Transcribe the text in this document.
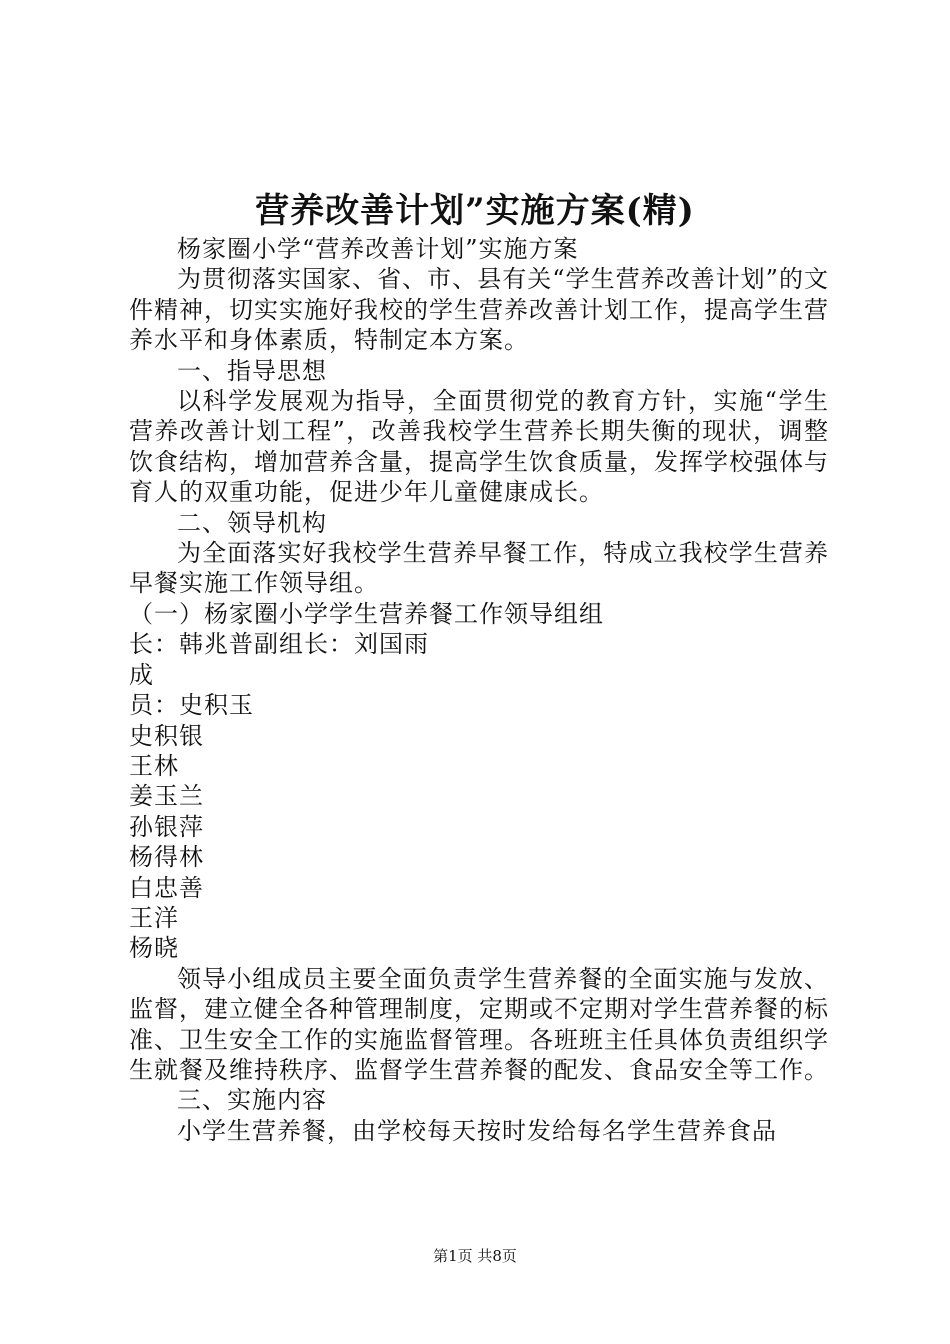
营养改善计划”实施方案(精)

杨家圈小学“营养改善计划”实施方案

为贯彻落实国家、省、市、县有关“学生营养改善计划”的文件精神，切实实施好我校的学生营养改善计划工作，提高学生营养水平和身体素质，特制定本方案。

一、指导思想

以科学发展观为指导，全面贯彻党的教育方针，实施“学生营养改善计划工程”，改善我校学生营养长期失衡的现状，调整饮食结构，增加营养含量，提高学生饮食质量，发挥学校强体与育人的双重功能，促进少年儿童健康成长。

二、领导机构

为全面落实好我校学生营养早餐工作，特成立我校学生营养早餐实施工作领导组。

（一）杨家圈小学学生营养餐工作领导组组

长：韩兆普副组长：刘国雨

成

员：史积玉

史积银

王林

姜玉兰

孙银萍

杨得林

白忠善

王洋

杨晓

领导小组成员主要全面负责学生营养餐的全面实施与发放、监督，建立健全各种管理制度，定期或不定期对学生营养餐的标准、卫生安全工作的实施监督管理。各班班主任具体负责组织学生就餐及维持秩序、监督学生营养餐的配发、食品安全等工作。

三、实施内容

小学生营养餐，由学校每天按时发给每名学生营养食品

第1页 共8页
